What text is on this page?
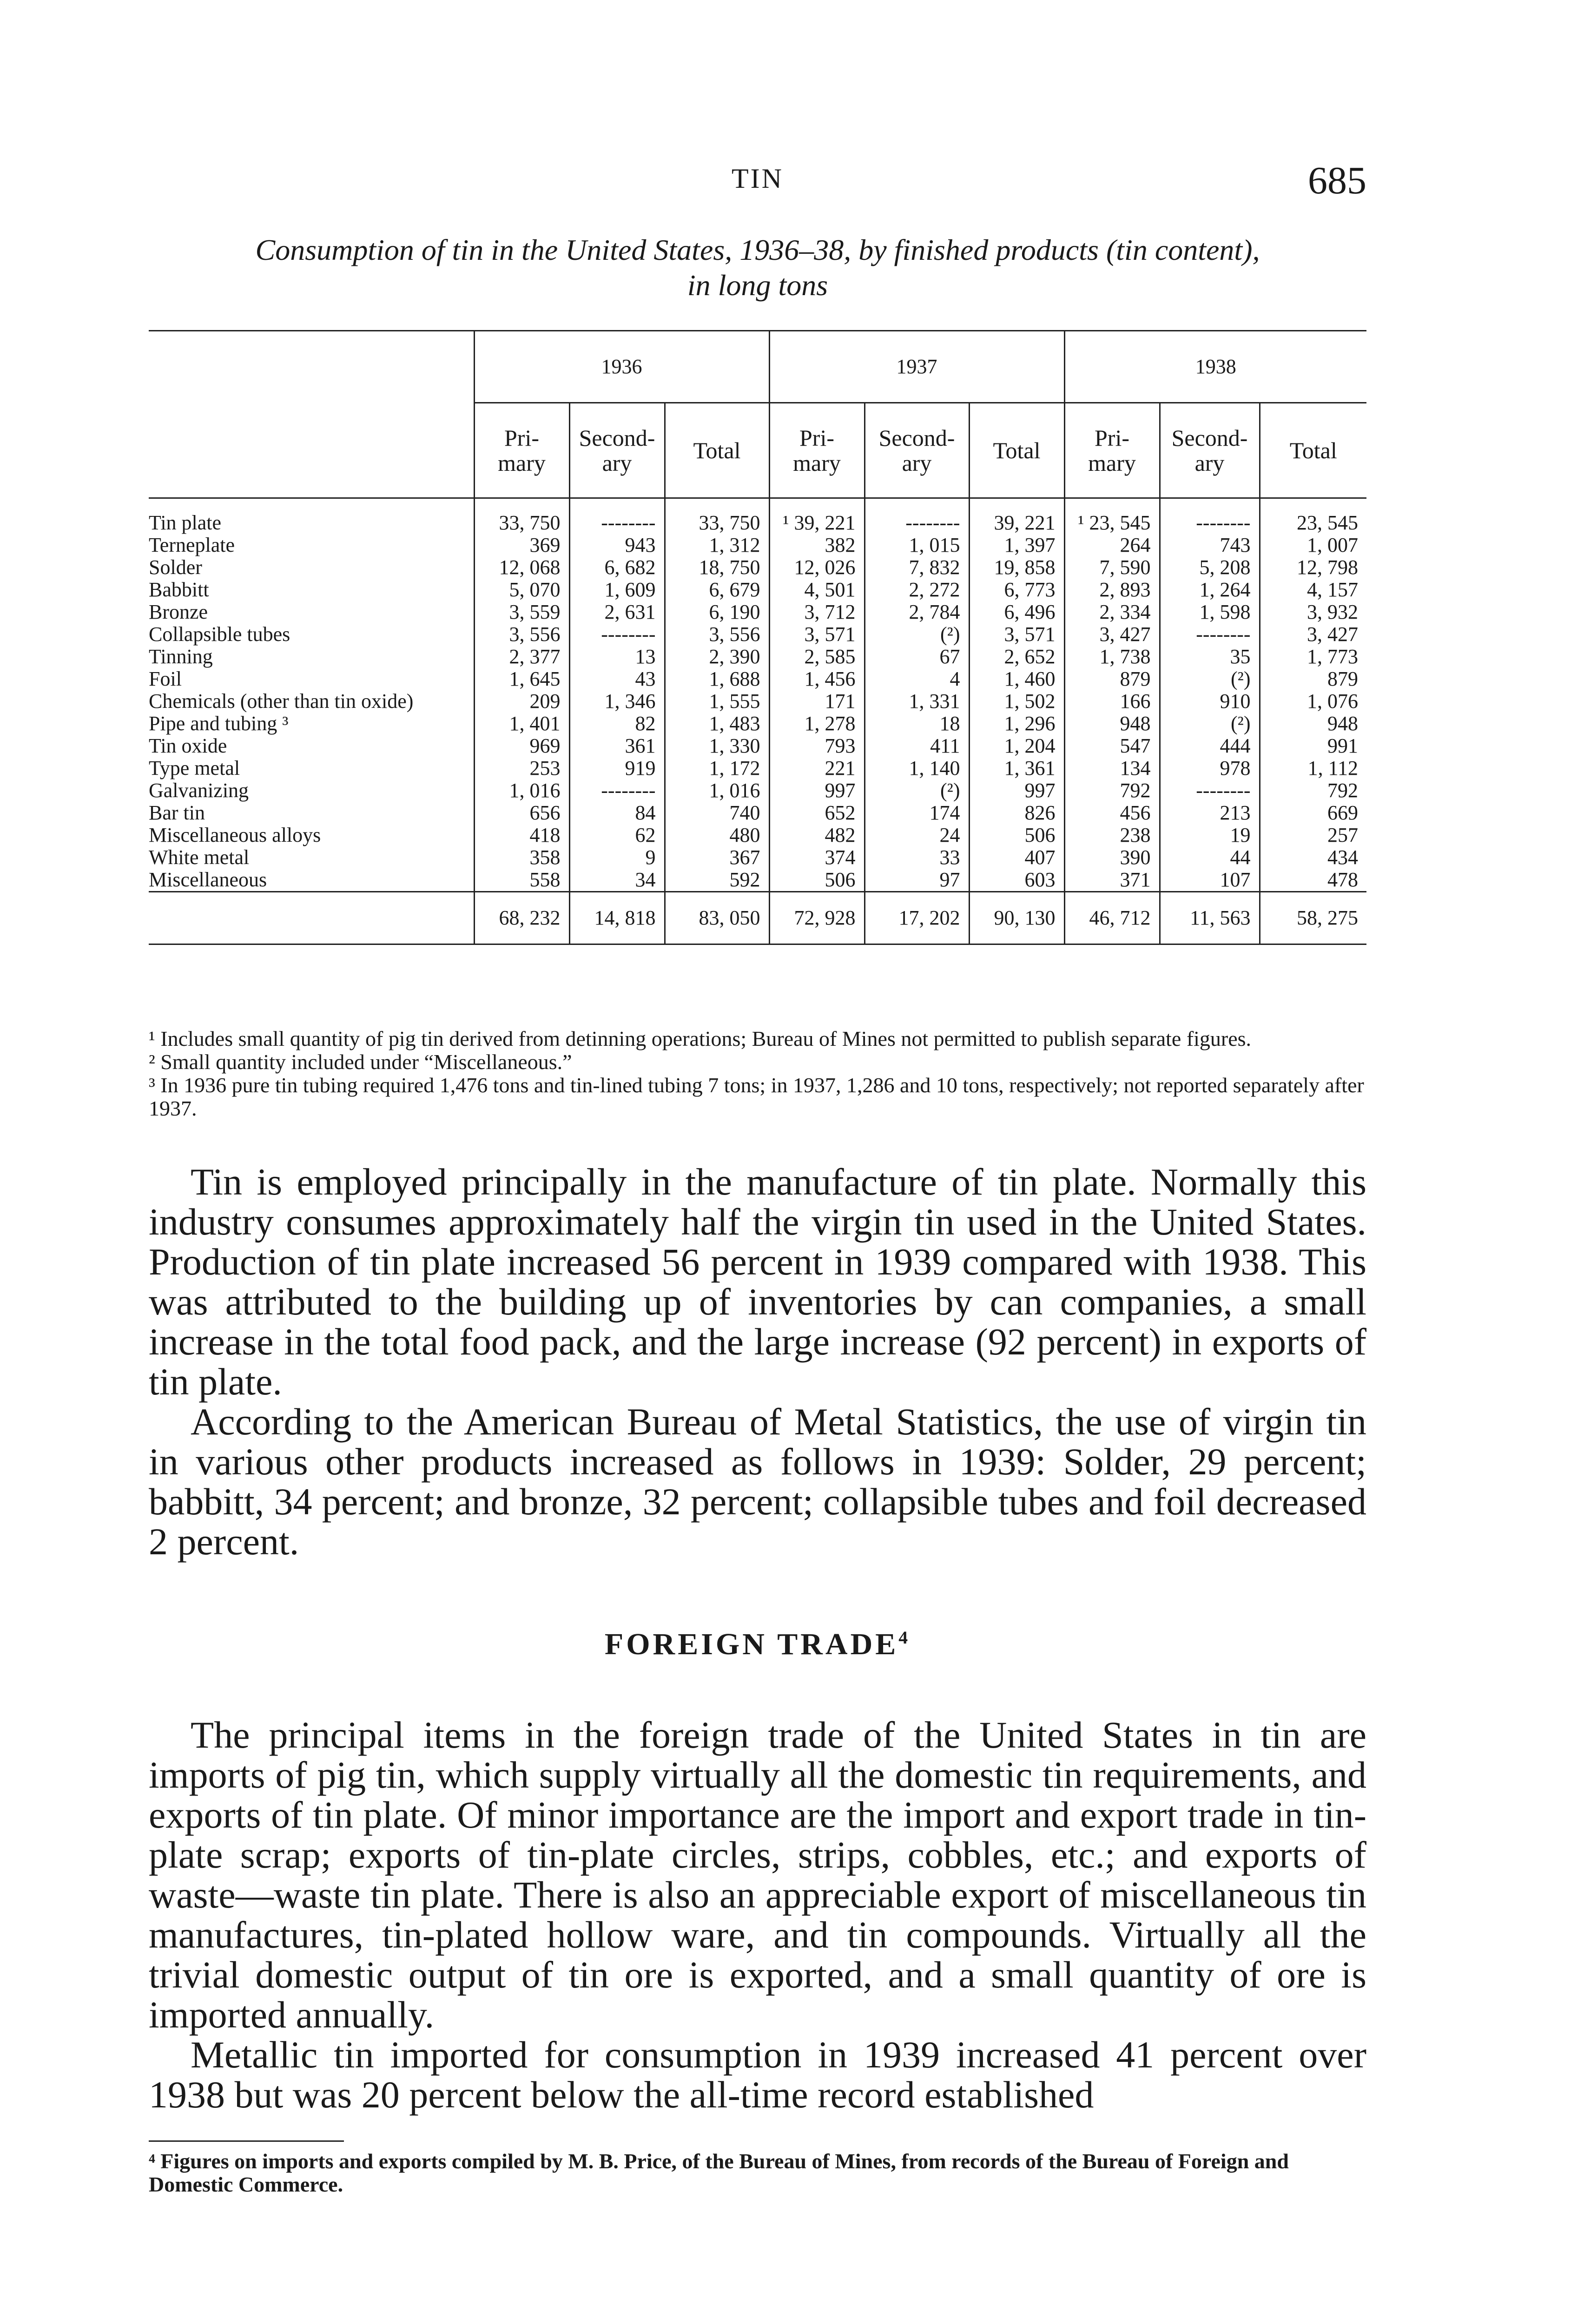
TIN	685
Consumption of tin in the United States, 1936–38, by finished products (tin content),
in long tons
	1936			1937			1938		
	Pri-
mary	Second-
ary	Total	Pri-
mary	Second-
ary	Total	Pri-
mary	Second-
ary	Total
Tin plate	33, 750	--------	33, 750	¹ 39, 221	--------	39, 221	¹ 23, 545	--------	23, 545
Terneplate	369	943	1, 312	382	1, 015	1, 397	264	743	1, 007
Solder	12, 068	6, 682	18, 750	12, 026	7, 832	19, 858	7, 590	5, 208	12, 798
Babbitt	5, 070	1, 609	6, 679	4, 501	2, 272	6, 773	2, 893	1, 264	4, 157
Bronze	3, 559	2, 631	6, 190	3, 712	2, 784	6, 496	2, 334	1, 598	3, 932
Collapsible tubes	3, 556	--------	3, 556	3, 571	(²)	3, 571	3, 427	--------	3, 427
Tinning	2, 377	13	2, 390	2, 585	67	2, 652	1, 738	35	1, 773
Foil	1, 645	43	1, 688	1, 456	4	1, 460	879	(²)	879
Chemicals (other than tin oxide)	209	1, 346	1, 555	171	1, 331	1, 502	166	910	1, 076
Pipe and tubing ³	1, 401	82	1, 483	1, 278	18	1, 296	948	(²)	948
Tin oxide	969	361	1, 330	793	411	1, 204	547	444	991
Type metal	253	919	1, 172	221	1, 140	1, 361	134	978	1, 112
Galvanizing	1, 016	--------	1, 016	997	(²)	997	792	--------	792
Bar tin	656	84	740	652	174	826	456	213	669
Miscellaneous alloys	418	62	480	482	24	506	238	19	257
White metal	358	9	367	374	33	407	390	44	434
Miscellaneous	558	34	592	506	97	603	371	107	478
	68, 232	14, 818	83, 050	72, 928	17, 202	90, 130	46, 712	11, 563	58, 275

¹ Includes small quantity of pig tin derived from detinning operations; Bureau of Mines not permitted to publish separate figures.

² Small quantity included under “Miscellaneous.”

³ In 1936 pure tin tubing required 1,476 tons and tin-lined tubing 7 tons; in 1937, 1,286 and 10 tons, respectively; not reported separately after 1937.

Tin is employed principally in the manufacture of tin plate. Normally this industry consumes approximately half the virgin tin used in the United States. Production of tin plate increased 56 percent in 1939 compared with 1938. This was attributed to the building up of inventories by can companies, a small increase in the total food pack, and the large increase (92 percent) in exports of tin plate.

According to the American Bureau of Metal Statistics, the use of virgin tin in various other products increased as follows in 1939: Solder, 29 percent; babbitt, 34 percent; and bronze, 32 percent; collapsible tubes and foil decreased 2 percent.

FOREIGN TRADE$^4$

The principal items in the foreign trade of the United States in tin are imports of pig tin, which supply virtually all the domestic tin requirements, and exports of tin plate. Of minor importance are the import and export trade in tin-plate scrap; exports of tin-plate circles, strips, cobbles, etc.; and exports of waste—waste tin plate. There is also an appreciable export of miscellaneous tin manufactures, tin-plated hollow ware, and tin compounds. Virtually all the trivial domestic output of tin ore is exported, and a small quantity of ore is imported annually.

Metallic tin imported for consumption in 1939 increased 41 percent over 1938 but was 20 percent below the all-time record established

⁴ Figures on imports and exports compiled by M. B. Price, of the Bureau of Mines, from records of the Bureau of Foreign and Domestic Commerce.
